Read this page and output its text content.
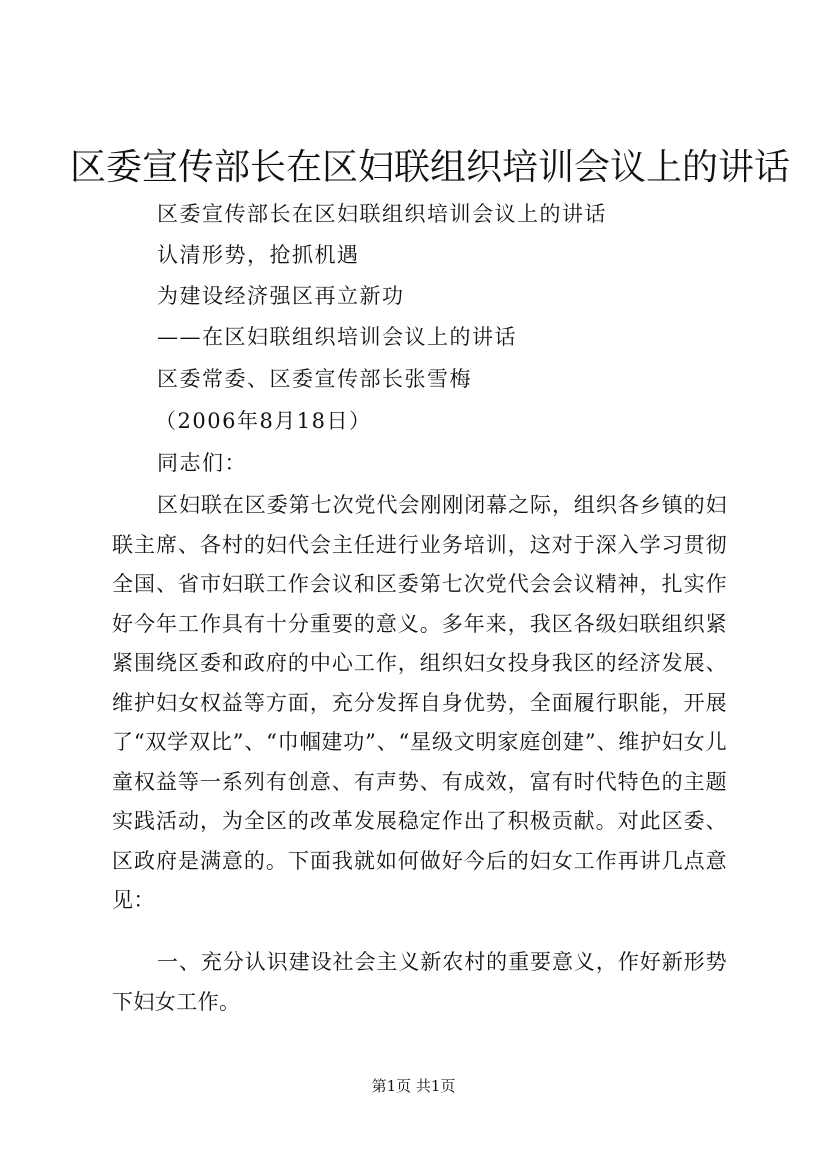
区委宣传部长在区妇联组织培训会议上的讲话

区委宣传部长在区妇联组织培训会议上的讲话

认清形势，抢抓机遇

为建设经济强区再立新功

——在区妇联组织培训会议上的讲话

区委常委、区委宣传部长张雪梅

（2006年8月18日）

同志们：

区妇联在区委第七次党代会刚刚闭幕之际，组织各乡镇的妇联主席、各村的妇代会主任进行业务培训，这对于深入学习贯彻全国、省市妇联工作会议和区委第七次党代会会议精神，扎实作好今年工作具有十分重要的意义。多年来，我区各级妇联组织紧紧围绕区委和政府的中心工作，组织妇女投身我区的经济发展、维护妇女权益等方面，充分发挥自身优势，全面履行职能，开展了“双学双比”、“巾帼建功”、“星级文明家庭创建”、维护妇女儿童权益等一系列有创意、有声势、有成效，富有时代特色的主题实践活动，为全区的改革发展稳定作出了积极贡献。对此区委、区政府是满意的。下面我就如何做好今后的妇女工作再讲几点意见：

一、充分认识建设社会主义新农村的重要意义，作好新形势下妇女工作。

第1页 共1页
